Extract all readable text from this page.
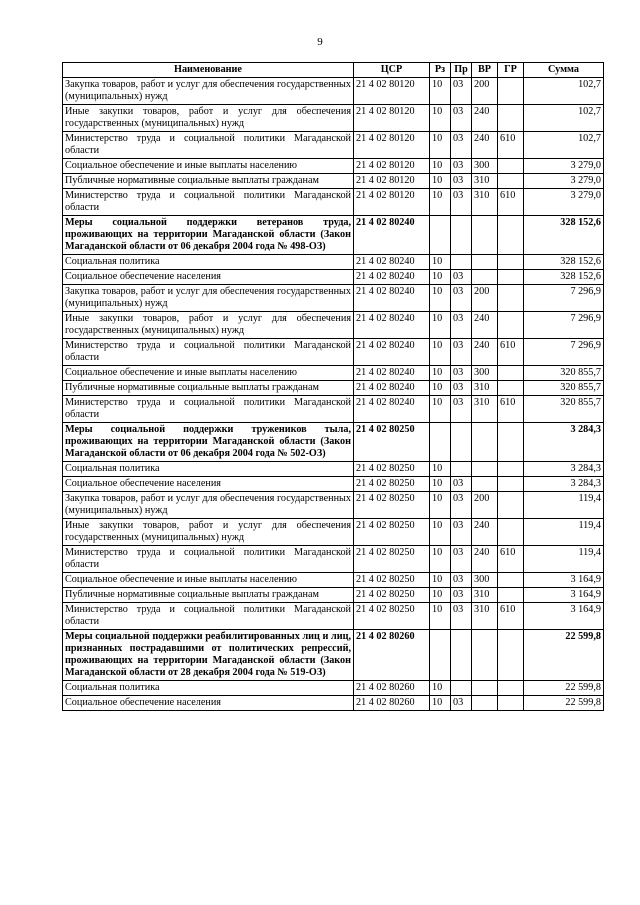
9
Наименование	ЦСР	Рз	Пр	ВР	ГР	Сумма
Закупка товаров, работ и услуг для обеспечения государственных (муниципальных) нужд	21 4 02 80120	10	03	200		102,7
Иные закупки товаров, работ и услуг для обеспечения государственных (муниципальных) нужд	21 4 02 80120	10	03	240		102,7
Министерство труда и социальной политики Магаданской области	21 4 02 80120	10	03	240	610	102,7
Социальное обеспечение и иные выплаты населению	21 4 02 80120	10	03	300		3 279,0
Публичные нормативные социальные выплаты гражданам	21 4 02 80120	10	03	310		3 279,0
Министерство труда и социальной политики Магаданской области	21 4 02 80120	10	03	310	610	3 279,0
Меры социальной поддержки ветеранов труда, проживающих на территории Магаданской области (Закон Магаданской области от 06 декабря 2004 года № 498-ОЗ)	21 4 02 80240					328 152,6
Социальная политика	21 4 02 80240	10				328 152,6
Социальное обеспечение населения	21 4 02 80240	10	03			328 152,6
Закупка товаров, работ и услуг для обеспечения государственных (муниципальных) нужд	21 4 02 80240	10	03	200		7 296,9
Иные закупки товаров, работ и услуг для обеспечения государственных (муниципальных) нужд	21 4 02 80240	10	03	240		7 296,9
Министерство труда и социальной политики Магаданской области	21 4 02 80240	10	03	240	610	7 296,9
Социальное обеспечение и иные выплаты населению	21 4 02 80240	10	03	300		320 855,7
Публичные нормативные социальные выплаты гражданам	21 4 02 80240	10	03	310		320 855,7
Министерство труда и социальной политики Магаданской области	21 4 02 80240	10	03	310	610	320 855,7
Меры социальной поддержки тружеников тыла, проживающих на территории Магаданской области (Закон Магаданской области от 06 декабря 2004 года № 502-ОЗ)	21 4 02 80250					3 284,3
Социальная политика	21 4 02 80250	10				3 284,3
Социальное обеспечение населения	21 4 02 80250	10	03			3 284,3
Закупка товаров, работ и услуг для обеспечения государственных (муниципальных) нужд	21 4 02 80250	10	03	200		119,4
Иные закупки товаров, работ и услуг для обеспечения государственных (муниципальных) нужд	21 4 02 80250	10	03	240		119,4
Министерство труда и социальной политики Магаданской области	21 4 02 80250	10	03	240	610	119,4
Социальное обеспечение и иные выплаты населению	21 4 02 80250	10	03	300		3 164,9
Публичные нормативные социальные выплаты гражданам	21 4 02 80250	10	03	310		3 164,9
Министерство труда и социальной политики Магаданской области	21 4 02 80250	10	03	310	610	3 164,9
Меры социальной поддержки реабилитированных лиц и лиц, признанных пострадавшими от политических репрессий, проживающих на территории Магаданской области (Закон Магаданской области от 28 декабря 2004 года № 519-ОЗ)	21 4 02 80260					22 599,8
Социальная политика	21 4 02 80260	10				22 599,8
Социальное обеспечение населения	21 4 02 80260	10	03			22 599,8
